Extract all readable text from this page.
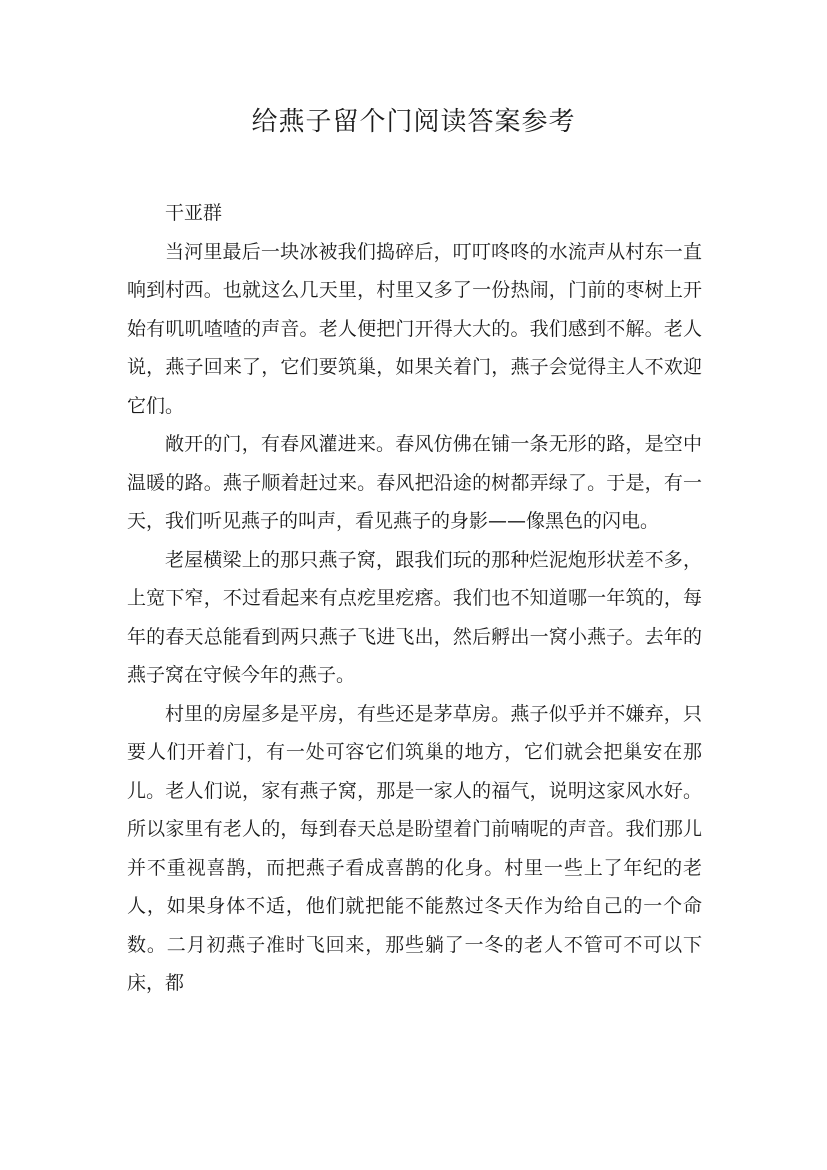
给燕子留个门阅读答案参考

干亚群

当河里最后一块冰被我们捣碎后，叮叮咚咚的水流声从村东一直响到村西。也就这么几天里，村里又多了一份热闹，门前的枣树上开始有叽叽喳喳的声音。老人便把门开得大大的。我们感到不解。老人说，燕子回来了，它们要筑巢，如果关着门，燕子会觉得主人不欢迎它们。

敞开的门，有春风灌进来。春风仿佛在铺一条无形的路，是空中温暖的路。燕子顺着赶过来。春风把沿途的树都弄绿了。于是，有一天，我们听见燕子的叫声，看见燕子的身影——像黑色的闪电。

老屋横梁上的那只燕子窝，跟我们玩的那种烂泥炮形状差不多，上宽下窄，不过看起来有点疙里疙瘩。我们也不知道哪一年筑的，每年的春天总能看到两只燕子飞进飞出，然后孵出一窝小燕子。去年的燕子窝在守候今年的燕子。

村里的房屋多是平房，有些还是茅草房。燕子似乎并不嫌弃，只要人们开着门，有一处可容它们筑巢的地方，它们就会把巢安在那儿。老人们说，家有燕子窝，那是一家人的福气，说明这家风水好。所以家里有老人的，每到春天总是盼望着门前喃呢的声音。我们那儿并不重视喜鹊，而把燕子看成喜鹊的化身。村里一些上了年纪的老人，如果身体不适，他们就把能不能熬过冬天作为给自己的一个命数。二月初燕子准时飞回来，那些躺了一冬的老人不管可不可以下床，都
